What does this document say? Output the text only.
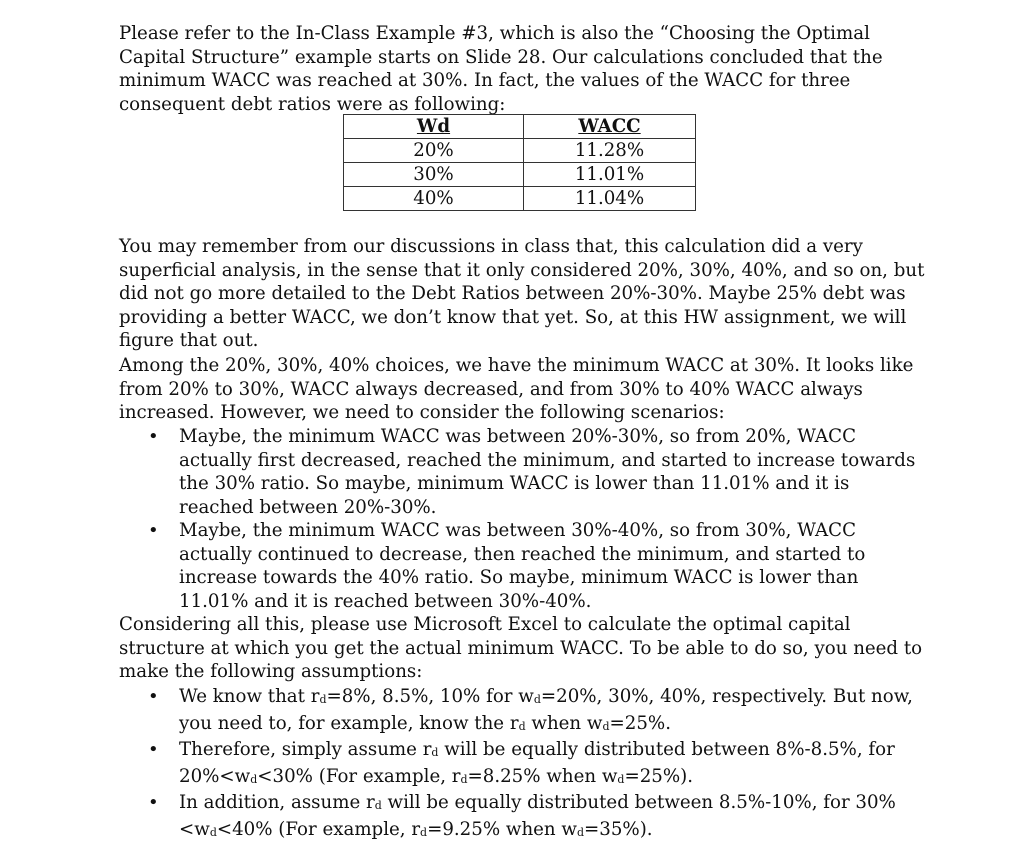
Please refer to the In-Class Example #3, which is also the “Choosing the Optimal Capital Structure” example starts on Slide 28. Our calculations concluded that the minimum WACC was reached at 30%. In fact, the values of the WACC for three consequent debt ratios were as following:

Wd	WACC
20%	11.28%
30%	11.01%
40%	11.04%

You may remember from our discussions in class that, this calculation did a very superficial analysis, in the sense that it only considered 20%, 30%, 40%, and so on, but did not go more detailed to the Debt Ratios between 20%-30%. Maybe 25% debt was providing a better WACC, we don’t know that yet. So, at this HW assignment, we will figure that out.

Among the 20%, 30%, 40% choices, we have the minimum WACC at 30%. It looks like from 20% to 30%, WACC always decreased, and from 30% to 40% WACC always increased. However, we need to consider the following scenarios:

•	Maybe, the minimum WACC was between 20%-30%, so from 20%, WACC actually first decreased, reached the minimum, and started to increase towards the 30% ratio. So maybe, minimum WACC is lower than 11.01% and it is reached between 20%-30%.
•	Maybe, the minimum WACC was between 30%-40%, so from 30%, WACC actually continued to decrease, then reached the minimum, and started to increase towards the 40% ratio. So maybe, minimum WACC is lower than 11.01% and it is reached between 30%-40%.

Considering all this, please use Microsoft Excel to calculate the optimal capital structure at which you get the actual minimum WACC. To be able to do so, you need to make the following assumptions:

•	We know that $r_d=8\%$, 8.5%, 10% for $w_d=20\%$, 30%, 40%, respectively. But now, you need to, for example, know the $r_d$ when $w_d=25\%$.
•	Therefore, simply assume $r_d$ will be equally distributed between 8%-8.5%, for $20\%<w_d<30\%$ (For example, $r_d=8.25\%$ when $w_d=25\%$).
•	In addition, assume $r_d$ will be equally distributed between 8.5%-10%, for $30\%<w_d<40\%$ (For example, $r_d=9.25\%$ when $w_d=35\%$).
